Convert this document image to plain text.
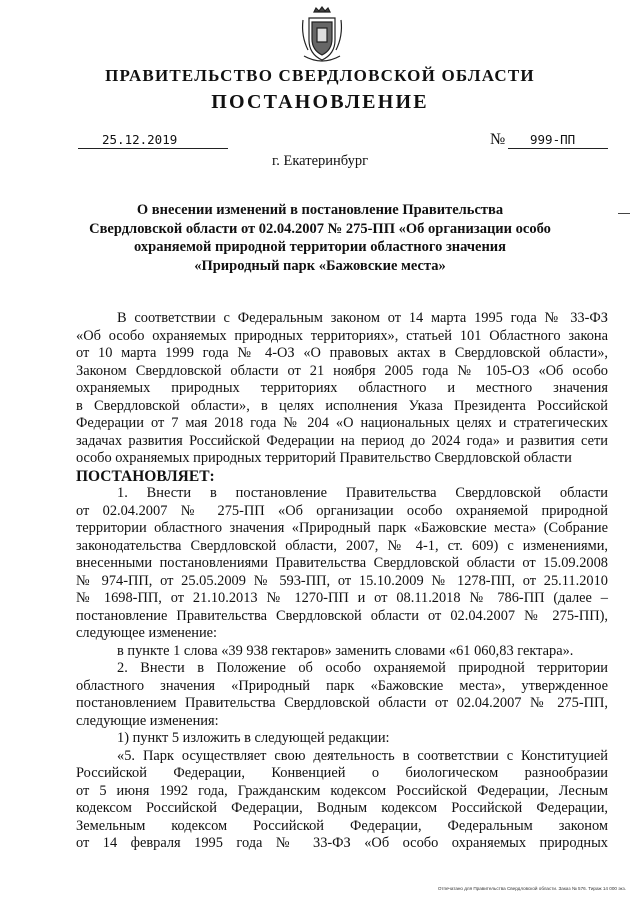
ПРАВИТЕЛЬСТВО СВЕРДЛОВСКОЙ ОБЛАСТИ
ПОСТАНОВЛЕНИЕ
25.12.2019	№	999-ПП
г. Екатеринбург
О внесении изменений в постановление Правительства
Свердловской области от 02.04.2007 № 275-ПП «Об организации особо
охраняемой природной территории областного значения
«Природный парк «Бажовские места»

В соответствии с Федеральным законом от 14 марта 1995 года № 33-ФЗ

«Об особо охраняемых природных территориях», статьей 101 Областного закона

от 10 марта 1999 года № 4-ОЗ «О правовых актах в Свердловской области»,

Законом Свердловской области от 21 ноября 2005 года № 105-ОЗ «Об особо

охраняемых природных территориях областного и местного значения

в Свердловской области», в целях исполнения Указа Президента Российской

Федерации от 7 мая 2018 года № 204 «О национальных целях и стратегических

задачах развития Российской Федерации на период до 2024 года» и развития сети

особо охраняемых природных территорий Правительство Свердловской области

ПОСТАНОВЛЯЕТ:

1. Внести в постановление Правительства Свердловской области

от 02.04.2007 № 275-ПП «Об организации особо охраняемой природной

территории областного значения «Природный парк «Бажовские места» (Собрание

законодательства Свердловской области, 2007, № 4-1, ст. 609) с изменениями,

внесенными постановлениями Правительства Свердловской области от 15.09.2008

№ 974-ПП, от 25.05.2009 № 593-ПП, от 15.10.2009 № 1278-ПП, от 25.11.2010

№ 1698-ПП, от 21.10.2013 № 1270-ПП и от 08.11.2018 № 786-ПП (далее –

постановление Правительства Свердловской области от 02.04.2007 № 275-ПП),

следующее изменение:

в пункте 1 слова «39 938 гектаров» заменить словами «61 060,83 гектара».

2. Внести в Положение об особо охраняемой природной территории

областного значения «Природный парк «Бажовские места», утвержденное

постановлением Правительства Свердловской области от 02.04.2007 № 275-ПП,

следующие изменения:

1) пункт 5 изложить в следующей редакции:

«5. Парк осуществляет свою деятельность в соответствии с Конституцией

Российской Федерации, Конвенцией о биологическом разнообразии

от 5 июня 1992 года, Гражданским кодексом Российской Федерации, Лесным

кодексом Российской Федерации, Водным кодексом Российской Федерации,

Земельным кодексом Российской Федерации, Федеральным законом

от 14 февраля 1995 года № 33-ФЗ «Об особо охраняемых природных

Отпечатано для Правительства Свердловской области. Заказ № 576. Тираж 14 000 экз.
